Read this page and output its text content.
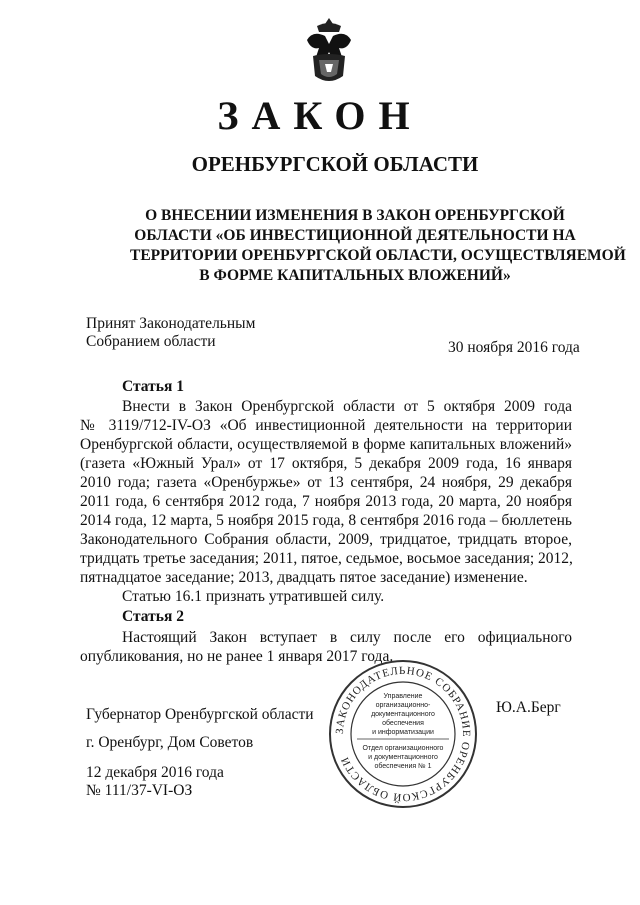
ЗАКОН
ОРЕНБУРГСКОЙ ОБЛАСТИ
О ВНЕСЕНИИ ИЗМЕНЕНИЯ В ЗАКОН ОРЕНБУРГСКОЙ
ОБЛАСТИ «ОБ ИНВЕСТИЦИОННОЙ ДЕЯТЕЛЬНОСТИ НА
ТЕРРИТОРИИ ОРЕНБУРГСКОЙ ОБЛАСТИ, ОСУЩЕСТВЛЯЕМОЙ
В ФОРМЕ КАПИТАЛЬНЫХ ВЛОЖЕНИЙ»
Принят Законодательным
Собранием области	30 ноября 2016 года
Статья 1
Внести в Закон Оренбургской области от 5 октября 2009 года
№ 3119/712-IV-ОЗ «Об инвестиционной деятельности на территории
Оренбургской области, осуществляемой в форме капитальных вложений»
(газета «Южный Урал» от 17 октября, 5 декабря 2009 года, 16 января
2010 года; газета «Оренбуржье» от 13 сентября, 24 ноября, 29 декабря
2011 года, 6 сентября 2012 года, 7 ноября 2013 года, 20 марта, 20 ноября
2014 года, 12 марта, 5 ноября 2015 года, 8 сентября 2016 года – бюллетень
Законодательного Собрания области, 2009, тридцатое, тридцать второе,
тридцать третье заседания; 2011, пятое, седьмое, восьмое заседания; 2012,
пятнадцатое заседание; 2013, двадцать пятое заседание) изменение.
Статью 16.1 признать утратившей силу.
Статья 2
Настоящий Закон вступает в силу после его официального
опубликования, но не ранее 1 января 2017 года.
Губернатор Оренбургской области	Ю.А.Берг
г. Оренбург, Дом Советов
12 декабря 2016 года
№ 111/37-VI-ОЗ
ЗАКОНОДАТЕЛЬНОЕ СОБРАНИЕ ОРЕНБУРГСКОЙ ОБЛАСТИ
Управление
организационно-
документационного
обеспечения
и информатизации
Отдел организационного
и документационного
обеспечения № 1
